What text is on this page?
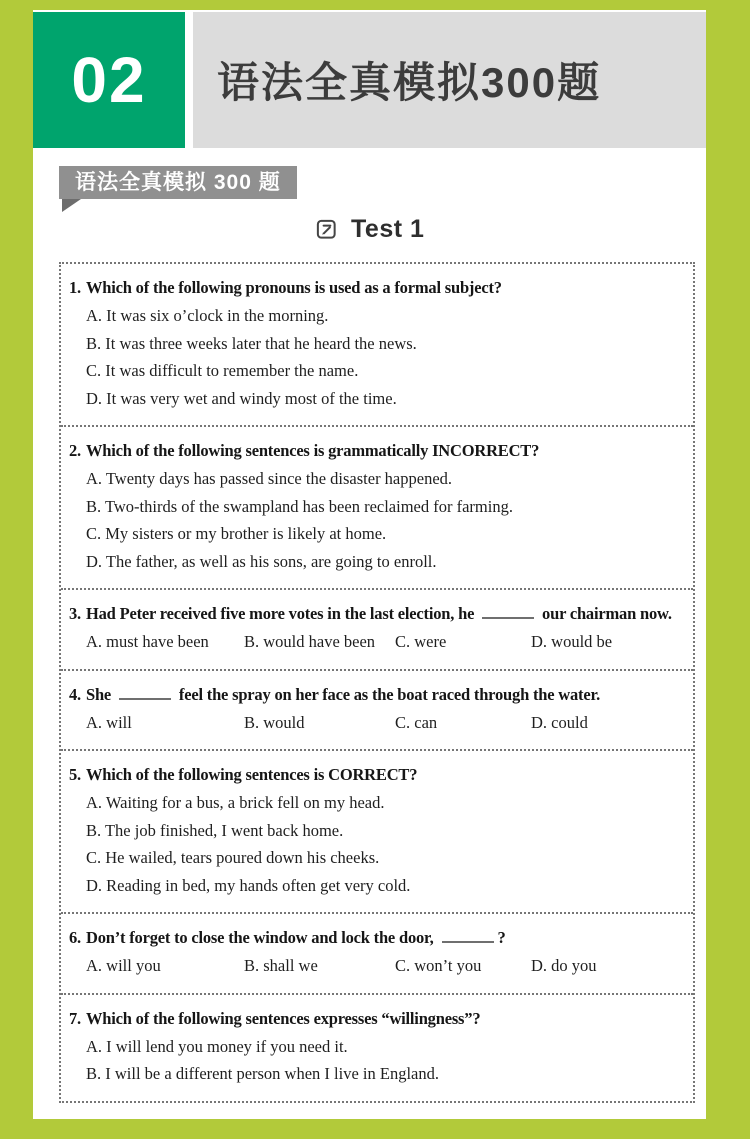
02 语法全真模拟300题
语法全真模拟 300 题
Test 1

1. Which of the following pronouns is used as a formal subject?

A. It was six o’clock in the morning.
B. It was three weeks later that he heard the news.
C. It was difficult to remember the name.
D. It was very wet and windy most of the time.

2. Which of the following sentences is grammatically INCORRECT?

A. Twenty days has passed since the disaster happened.
B. Two-thirds of the swampland has been reclaimed for farming.
C. My sisters or my brother is likely at home.
D. The father, as well as his sons, are going to enroll.

3. Had Peter received five more votes in the last election, he	our chairman now.

A. must have been	B. would have been	C. were	D. would be

4. She	feel the spray on her face as the boat raced through the water.

A. will	B. would	C. can	D. could

5. Which of the following sentences is CORRECT?

A. Waiting for a bus, a brick fell on my head.
B. The job finished, I went back home.
C. He wailed, tears poured down his cheeks.
D. Reading in bed, my hands often get very cold.

6. Don’t forget to close the window and lock the door,	?

A. will you	B. shall we	C. won’t you	D. do you

7. Which of the following sentences expresses “willingness”?

A. I will lend you money if you need it.
B. I will be a different person when I live in England.
